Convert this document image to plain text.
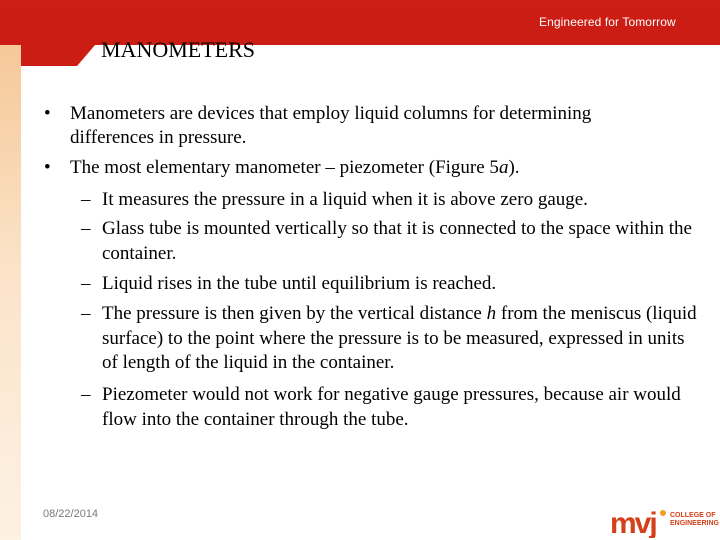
Engineered for Tomorrow
MANOMETERS
• Manometers are devices that employ liquid columns for determining differences in pressure.
• The most elementary manometer – piezometer (Figure 5a).
– It measures the pressure in a liquid when it is above zero gauge.
– Glass tube is mounted vertically so that it is connected to the space within the container.
– Liquid rises in the tube until equilibrium is reached.
– The pressure is then given by the vertical distance h from the meniscus (liquid surface) to the point where the pressure is to be measured, expressed in units of length of the liquid in the container.
– Piezometer would not work for negative gauge pressures, because air would flow into the container through the tube.
08/22/2014	mvj COLLEGE OF
ENGINEERING
